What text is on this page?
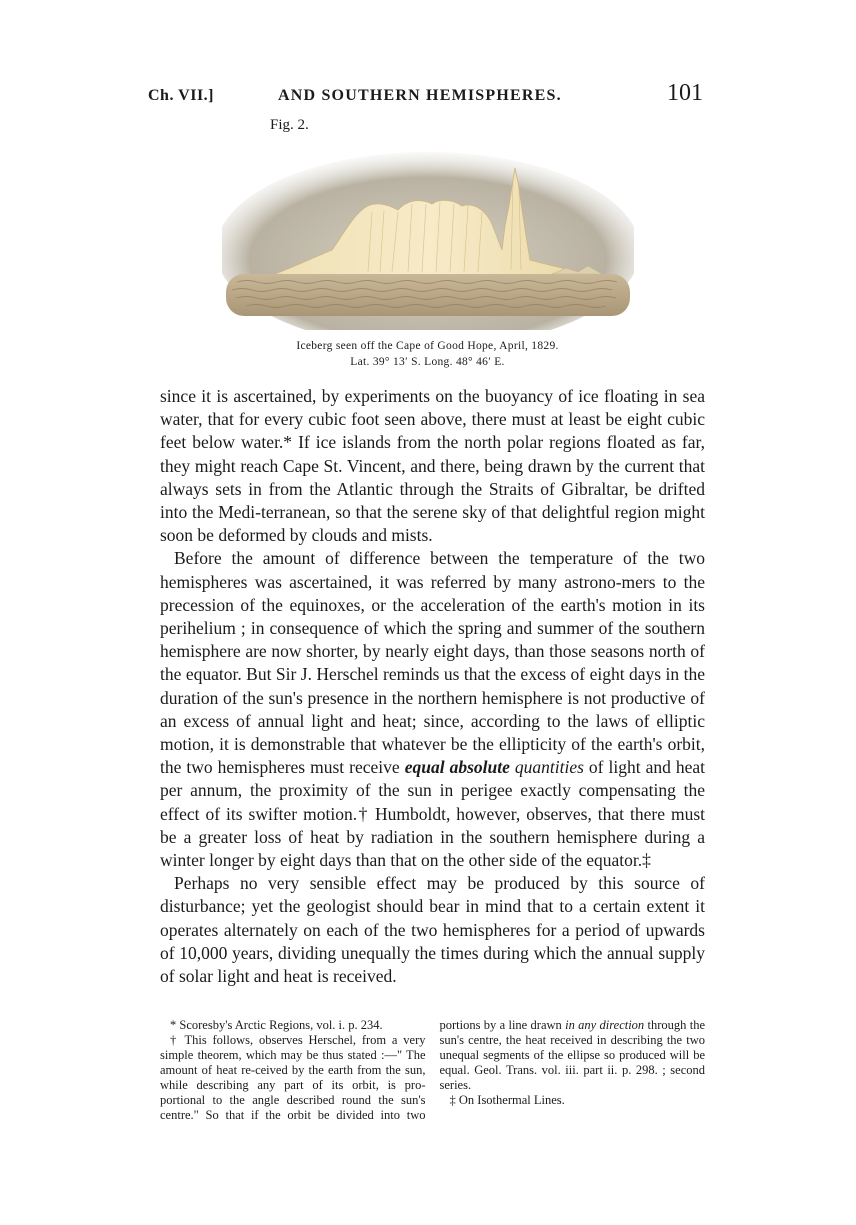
Ch. VII.]	AND SOUTHERN HEMISPHERES.	101
Fig. 2.
Iceberg seen off the Cape of Good Hope, April, 1829.
Lat. 39° 13′ S. Long. 48° 46′ E.

since it is ascertained, by experiments on the buoyancy of ice floating in sea water, that for every cubic foot seen above, there must at least be eight cubic feet below water.* If ice islands from the north polar regions floated as far, they might reach Cape St. Vincent, and there, being drawn by the current that always sets in from the Atlantic through the Straits of Gibraltar, be drifted into the Medi-terranean, so that the serene sky of that delightful region might soon be deformed by clouds and mists.

Before the amount of difference between the temperature of the two hemispheres was ascertained, it was referred by many astrono-mers to the precession of the equinoxes, or the acceleration of the earth's motion in its perihelium ; in consequence of which the spring and summer of the southern hemisphere are now shorter, by nearly eight days, than those seasons north of the equator. But Sir J. Herschel reminds us that the excess of eight days in the duration of the sun's presence in the northern hemisphere is not productive of an excess of annual light and heat; since, according to the laws of elliptic motion, it is demonstrable that whatever be the ellipticity of the earth's orbit, the two hemispheres must receive equal absolute quantities of light and heat per annum, the proximity of the sun in perigee exactly compensating the effect of its swifter motion.† Humboldt, however, observes, that there must be a greater loss of heat by radiation in the southern hemisphere during a winter longer by eight days than that on the other side of the equator.‡

Perhaps no very sensible effect may be produced by this source of disturbance; yet the geologist should bear in mind that to a certain extent it operates alternately on each of the two hemispheres for a period of upwards of 10,000 years, dividing unequally the times during which the annual supply of solar light and heat is received.

* Scoresby's Arctic Regions, vol. i. p. 234.

† This follows, observes Herschel, from a very simple theorem, which may be thus stated :—" The amount of heat re-ceived by the earth from the sun, while describing any part of its orbit, is pro-portional to the angle described round the sun's centre." So that if the orbit be divided into two portions by a line drawn in any direction through the sun's centre, the heat received in describing the two unequal segments of the ellipse so produced will be equal. Geol. Trans. vol. iii. part ii. p. 298. ; second series.

‡ On Isothermal Lines.
